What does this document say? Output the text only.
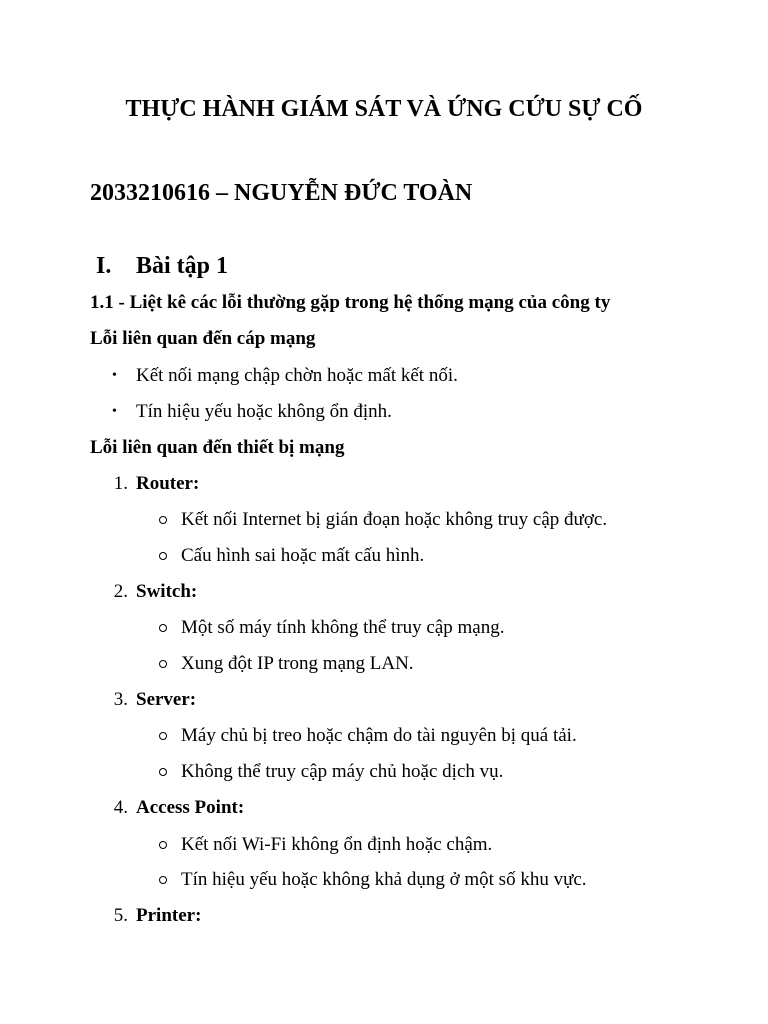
THỰC HÀNH GIÁM SÁT VÀ ỨNG CỨU SỰ CỐ
2033210616 – NGUYỄN ĐỨC TOÀN
I. Bài tập 1
1.1 - Liệt kê các lỗi thường gặp trong hệ thống mạng của công ty
Lỗi liên quan đến cáp mạng
• Kết nối mạng chập chờn hoặc mất kết nối.
• Tín hiệu yếu hoặc không ổn định.
Lỗi liên quan đến thiết bị mạng
1. Router:
Kết nối Internet bị gián đoạn hoặc không truy cập được.
Cấu hình sai hoặc mất cấu hình.
2. Switch:
Một số máy tính không thể truy cập mạng.
Xung đột IP trong mạng LAN.
3. Server:
Máy chủ bị treo hoặc chậm do tài nguyên bị quá tải.
Không thể truy cập máy chủ hoặc dịch vụ.
4. Access Point:
Kết nối Wi-Fi không ổn định hoặc chậm.
Tín hiệu yếu hoặc không khả dụng ở một số khu vực.
5. Printer:
